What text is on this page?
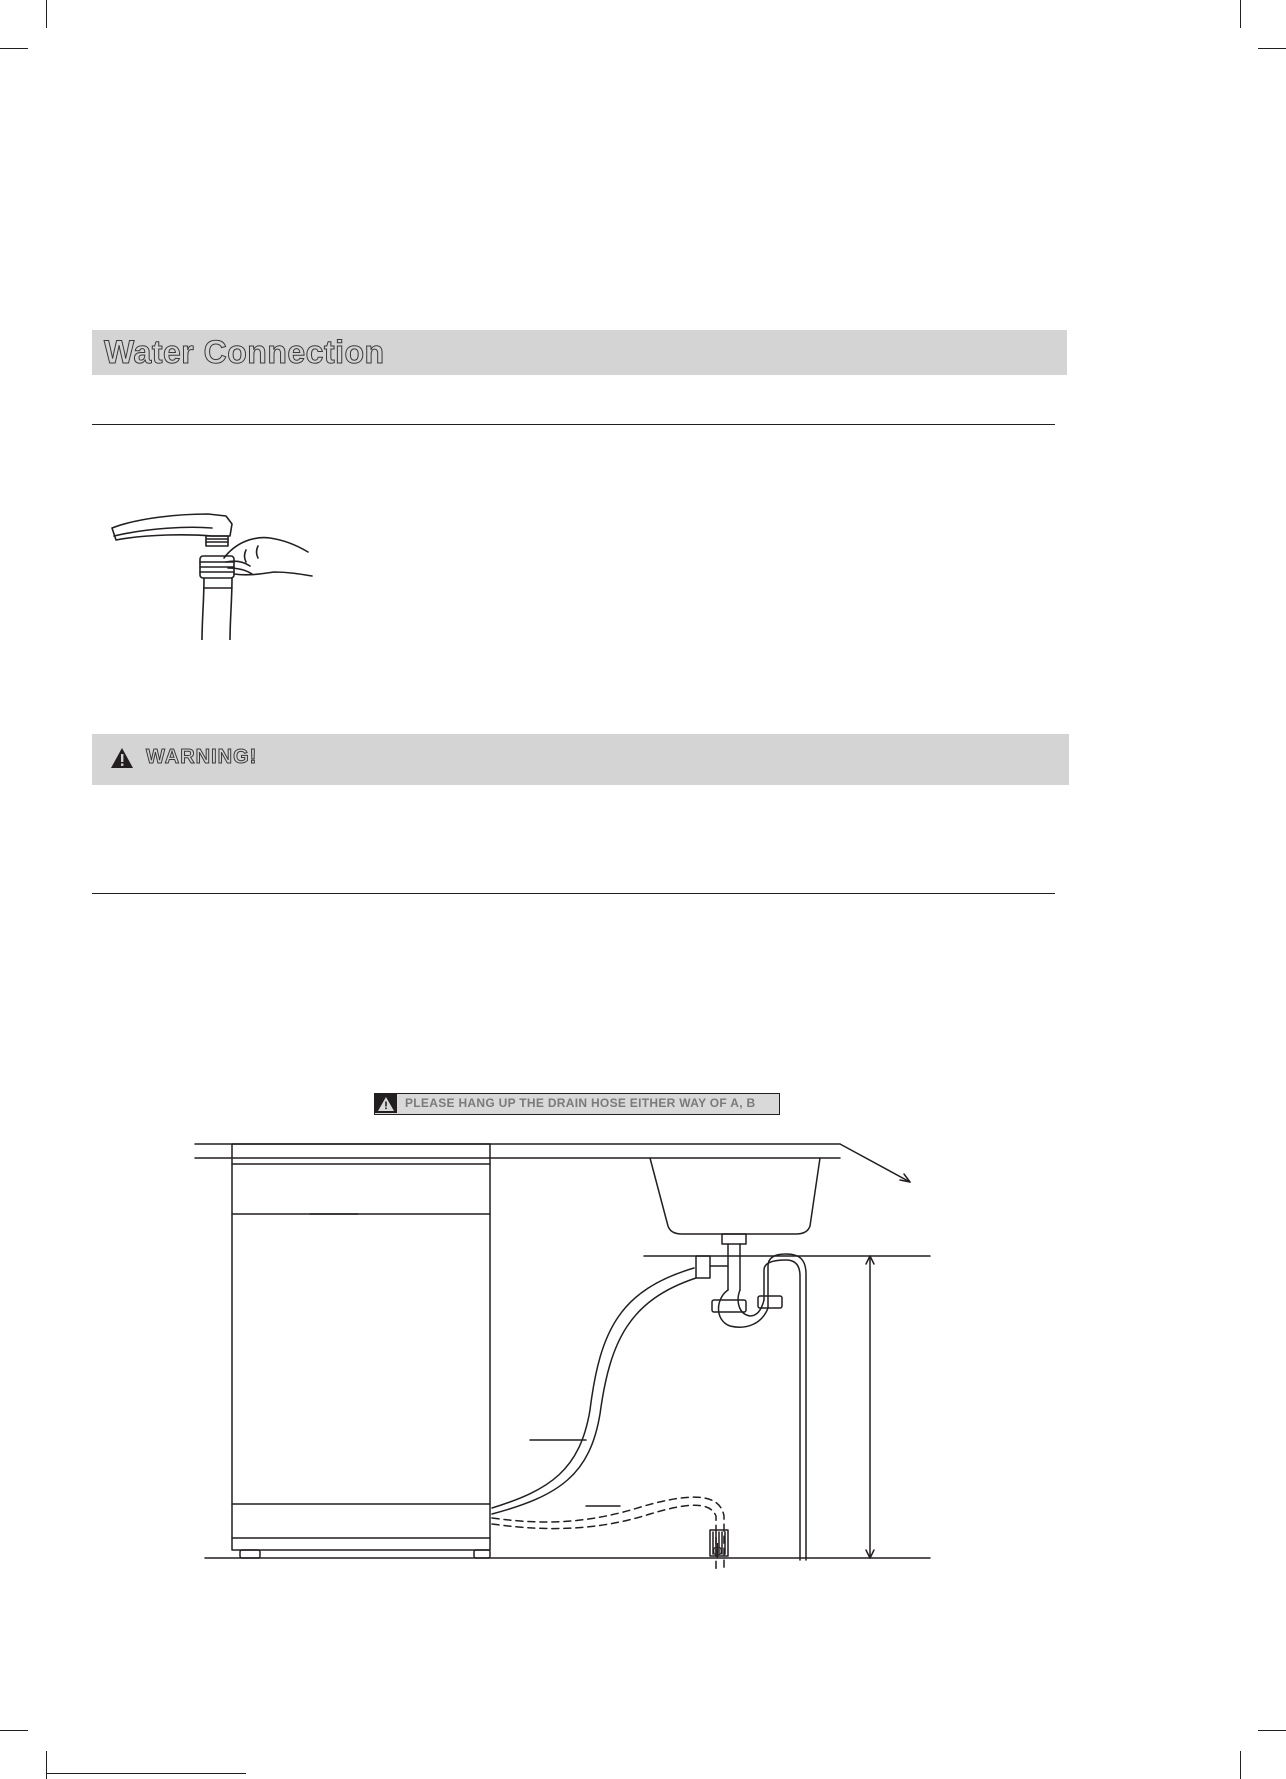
Water Connection
WARNING!
PLEASE HANG UP THE DRAIN HOSE EITHER WAY OF A, B
ϕ
